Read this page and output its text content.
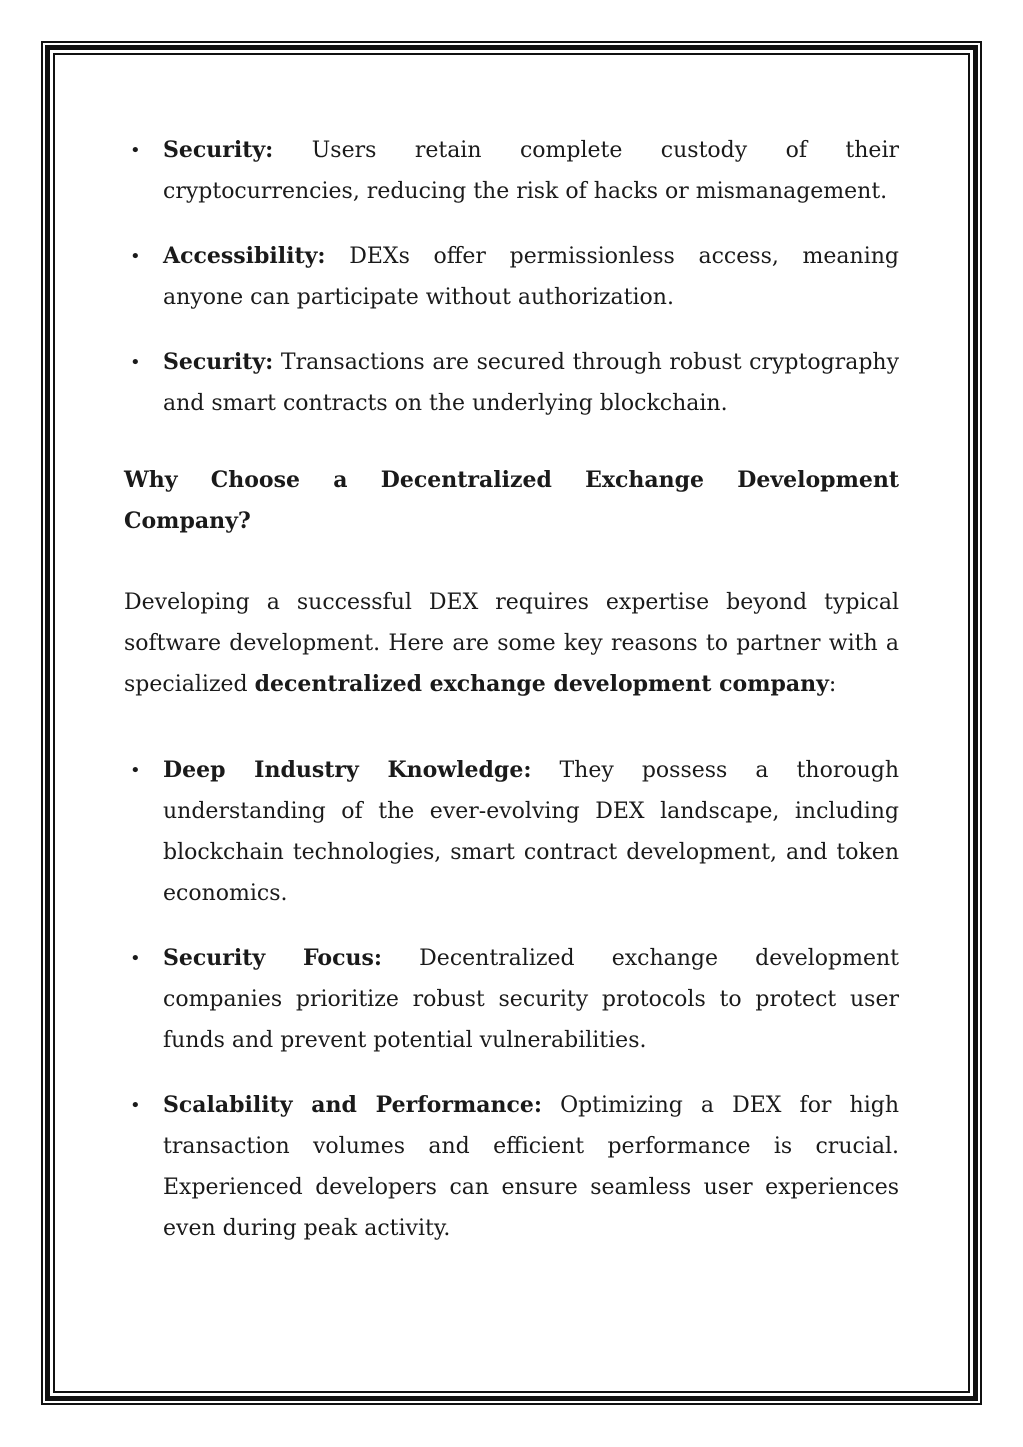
• Security: Users retain complete custody of their cryptocurrencies, reducing the risk of hacks or mismanagement.
• Accessibility: DEXs offer permissionless access, meaning anyone can participate without authorization.
• Security: Transactions are secured through robust cryptography and smart contracts on the underlying blockchain.
Why Choose a Decentralized Exchange Development Company?

Developing a successful DEX requires expertise beyond typical software development. Here are some key reasons to partner with a specialized decentralized exchange development company:

• Deep Industry Knowledge: They possess a thorough understanding of the ever-evolving DEX landscape, including blockchain technologies, smart contract development, and token economics.
• Security Focus: Decentralized exchange development companies prioritize robust security protocols to protect user funds and prevent potential vulnerabilities.
• Scalability and Performance: Optimizing a DEX for high transaction volumes and efficient performance is crucial. Experienced developers can ensure seamless user experiences even during peak activity.
